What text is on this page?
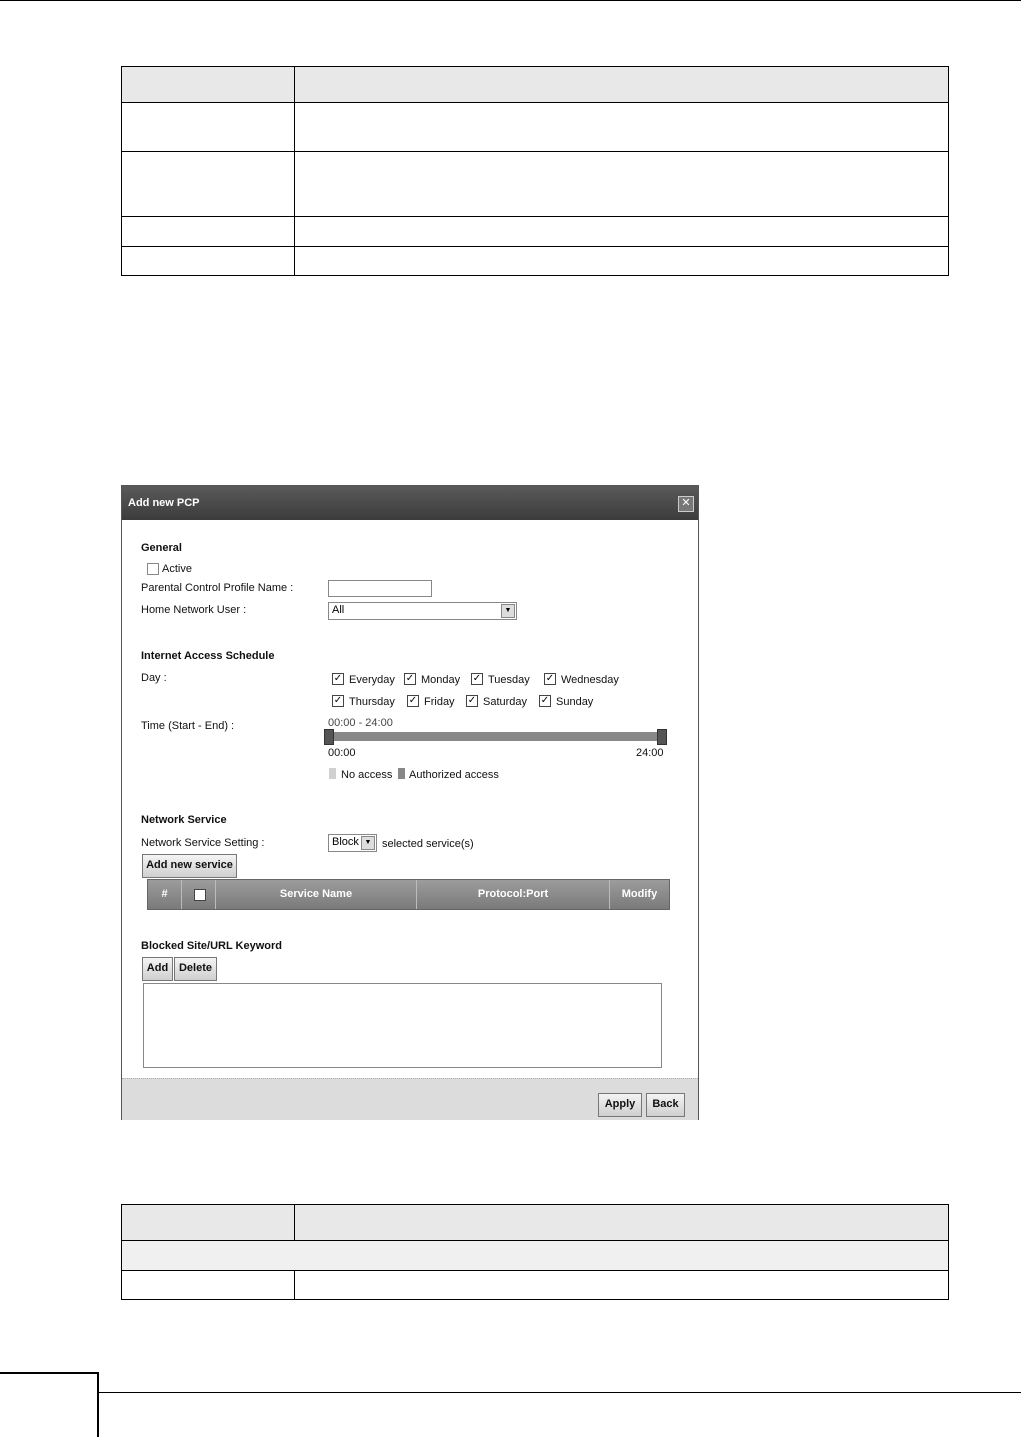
Add new PCP	✕
General
Active
Parental Control Profile Name :
Home Network User :	All	▼
Internet Access Schedule
Day :	✓ Everyday ✓ Monday ✓ Tuesday ✓ Wednesday
✓ Thursday ✓ Friday ✓ Saturday ✓ Sunday
Time (Start - End) :	00:00 - 24:00
00:00	24:00
No access Authorized access
Network Service
Network Service Setting :	Block ▼ selected service(s)
Add new service
#	Service Name	Protocol:Port	Modify
Blocked Site/URL Keyword
Add Delete
Apply	Back
